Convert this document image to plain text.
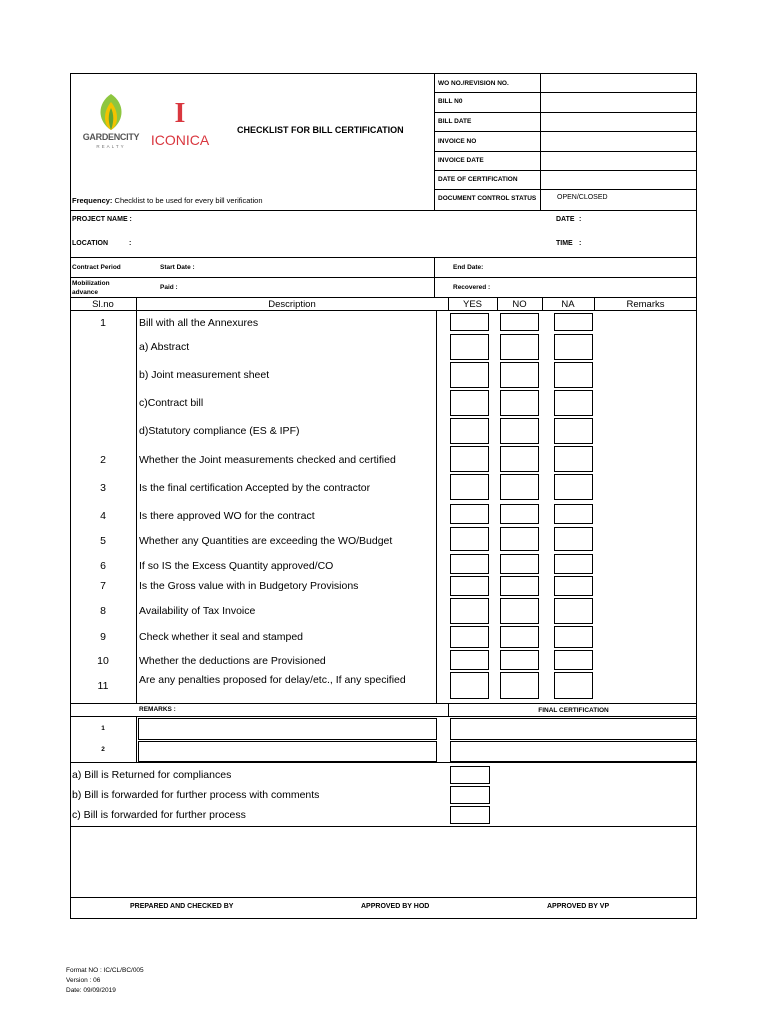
GARDENCITY
REALTY
I
ICONICA
CHECKLIST FOR BILL CERTIFICATION
Frequency: Checklist to be used for every bill verification
WO NO./REVISION NO.
BILL N0
BILL DATE
INVOICE NO
INVOICE DATE
DATE OF CERTIFICATION
DOCUMENT CONTROL STATUS	OPEN/CLOSED
PROJECT NAME :	DATE :
LOCATION	:	TIME :
Contract Period	Start Date :	End Date:
Mobilization
advance
Paid :	Recovered :
Sl.no	Description	YES	NO	NA	Remarks
1	Bill with all the Annexures
a) Abstract
b) Joint measurement sheet
c)Contract bill
d)Statutory compliance (ES & IPF)
2	Whether the Joint measurements checked and certified
3	Is the final certification Accepted by the contractor
4	Is there approved WO for the contract
5	Whether any Quantities are exceeding the WO/Budget
6	If so IS the Excess Quantity approved/CO
7	Is the Gross value with in Budgetory Provisions
8	Availability of Tax Invoice
9	Check whether it seal and stamped
10	Whether the deductions are Provisioned
11	Are any penalties proposed for delay/etc., If any specified
REMARKS :	FINAL CERTIFICATION
1
2
a) Bill is Returned for compliances
b) Bill is forwarded for further process with comments
c) Bill is forwarded for further process
PREPARED AND CHECKED BY	APPROVED BY HOD	APPROVED BY VP
Format NO : IC/CL/BC/005
Version : 06
Date: 09/09/2019
